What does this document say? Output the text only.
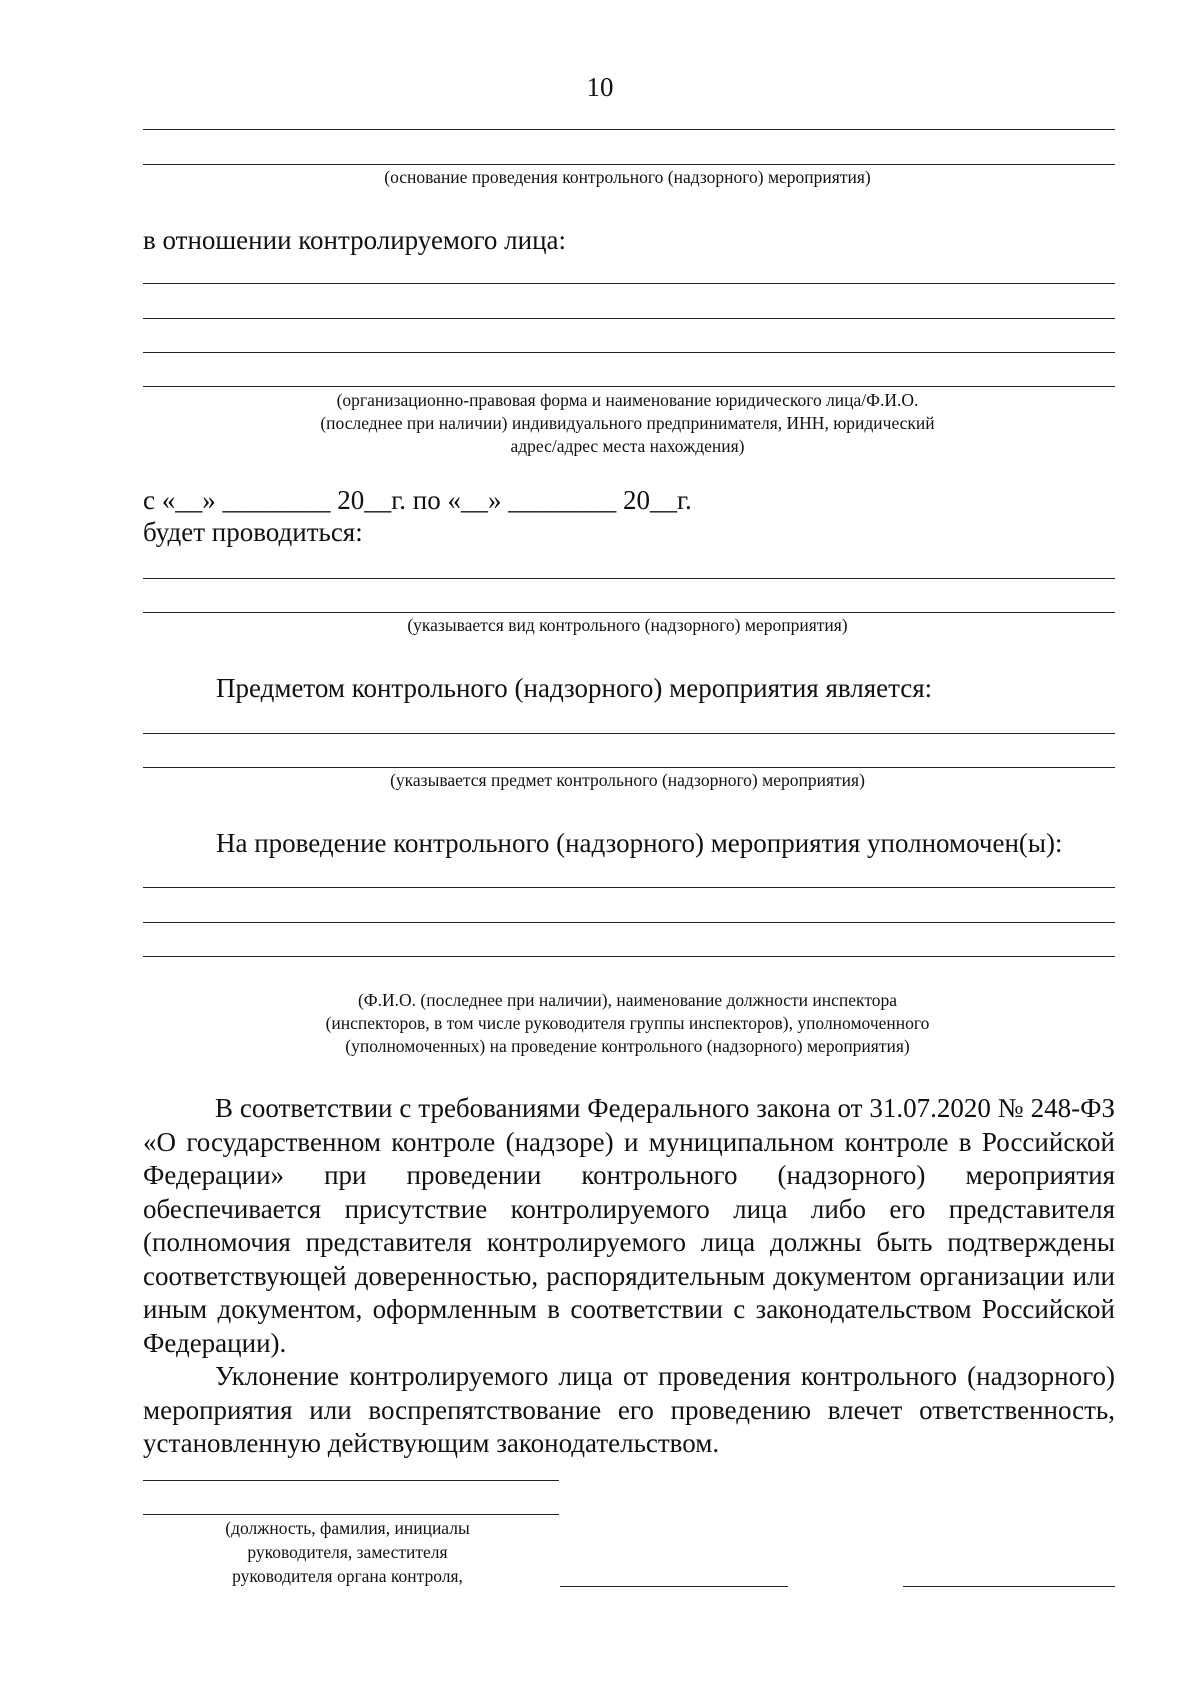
10
(основание проведения контрольного (надзорного) мероприятия)
в отношении контролируемого лица:
(организационно-правовая форма и наименование юридического лица/Ф.И.О.
(последнее при наличии) индивидуального предпринимателя, ИНН, юридический
адрес/адрес места нахождения)
с «__» ________ 20__г. по «__» ________ 20__г.
будет проводиться:
(указывается вид контрольного (надзорного) мероприятия)
Предметом контрольного (надзорного) мероприятия является:
(указывается предмет контрольного (надзорного) мероприятия)
На проведение контрольного (надзорного) мероприятия уполномочен(ы):
(Ф.И.О. (последнее при наличии), наименование должности инспектора
(инспекторов, в том числе руководителя группы инспекторов), уполномоченного
(уполномоченных) на проведение контрольного (надзорного) мероприятия)

В соответствии с требованиями Федерального закона от 31.07.2020 № 248-ФЗ «О государственном контроле (надзоре) и муниципальном контроле в Российской Федерации» при проведении контрольного (надзорного) мероприятия обеспечивается присутствие контролируемого лица либо его представителя (полномочия представителя контролируемого лица должны быть подтверждены соответствующей доверенностью, распорядительным документом организации или иным документом, оформленным в соответствии с законодательством Российской Федерации).

Уклонение контролируемого лица от проведения контрольного (надзорного) мероприятия или воспрепятствование его проведению влечет ответственность, установленную действующим законодательством.

(должность, фамилия, инициалы
руководителя, заместителя
руководителя органа контроля,
